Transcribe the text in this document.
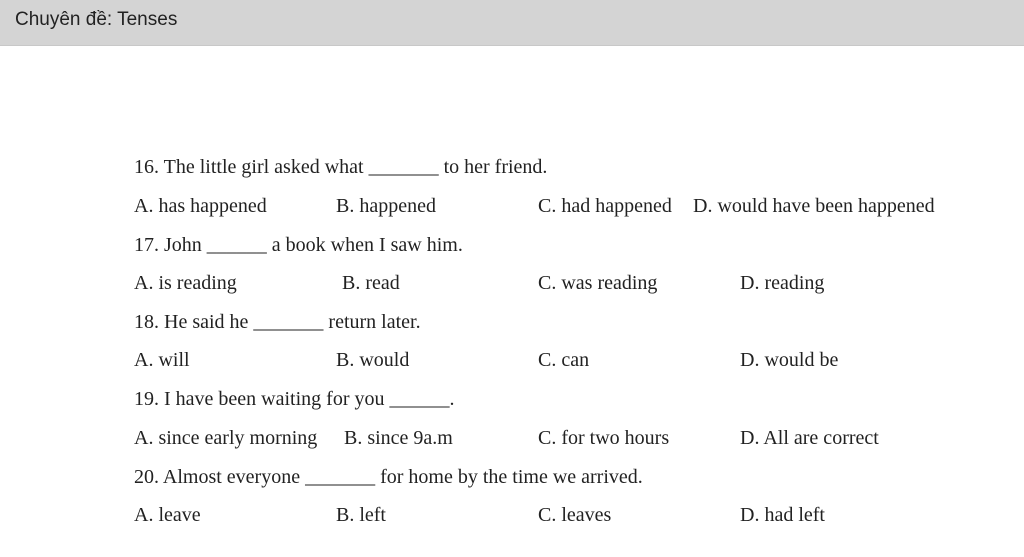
Chuyên đề: Tenses
16. The little girl asked what _______ to her friend.
A. has happened	B. happened	C. had happened D. would have been happened
17. John ______ a book when I saw him.
A. is reading	B. read	C. was reading	D. reading
18. He said he _______ return later.
A. will	B. would	C. can	D. would be
19. I have been waiting for you ______.
A. since early morning B. since 9a.m	C. for two hours	D. All are correct
20. Almost everyone _______ for home by the time we arrived.
A. leave	B. left	C. leaves	D. had left
